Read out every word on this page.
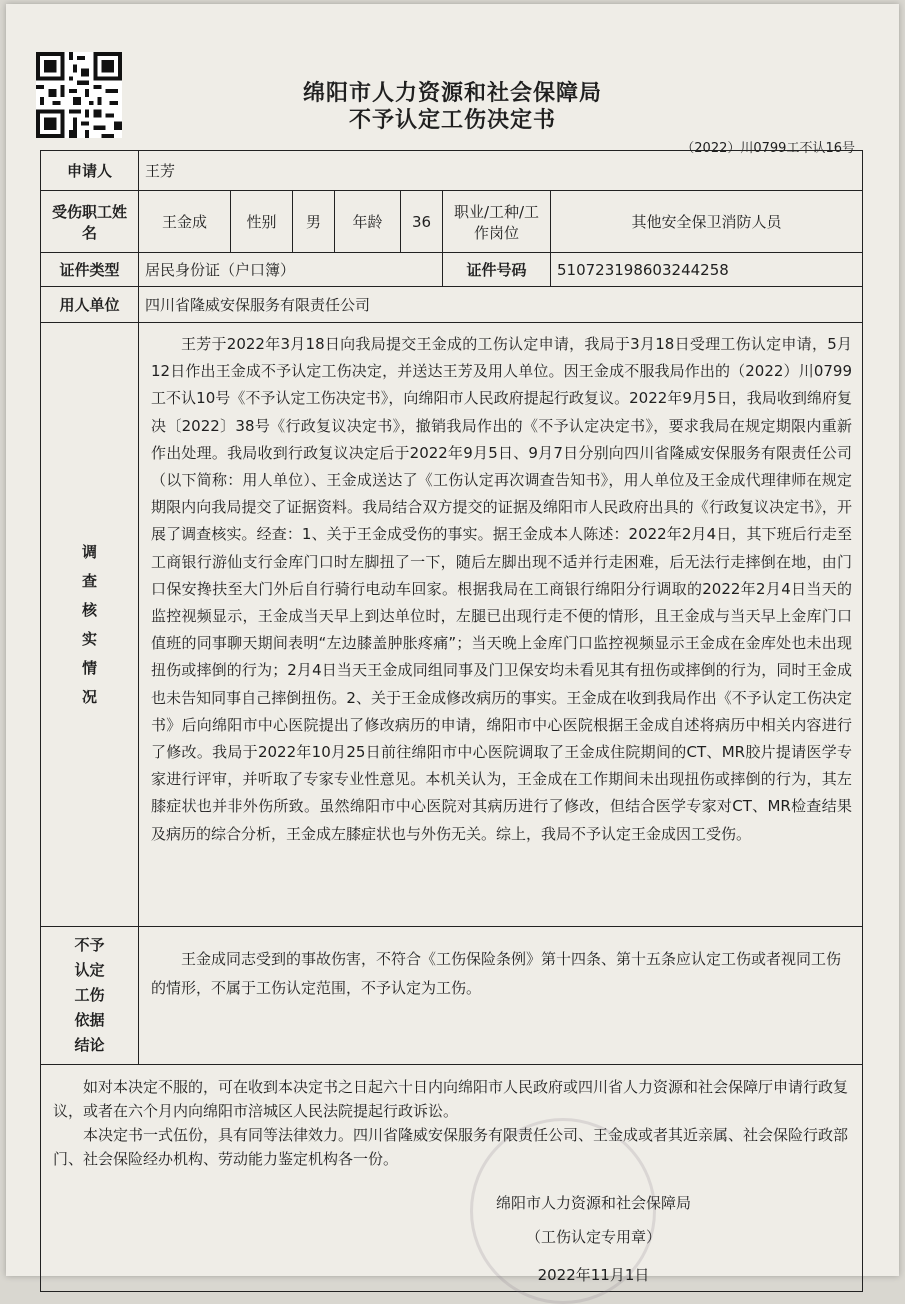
绵阳市人力资源和社会保障局
不予认定工伤决定书
（2022）川0799工不认16号
申请人	王芳						
受伤职工姓名	王金成	性别	男	年龄	36	职业/工种/工作岗位	其他安全保卫消防人员
证件类型	居民身份证（户口簿）					证件号码	510723198603244258
用人单位	四川省隆威安保服务有限责任公司						

调查核实情况	王芳于2022年3月18日向我局提交王金成的工伤认定申请，我局于3月18日受理工伤认定申请，5月12日作出王金成不予认定工伤决定，并送达王芳及用人单位。因王金成不服我局作出的（2022）川0799工不认10号《不予认定工伤决定书》，向绵阳市人民政府提起行政复议。2022年9月5日，我局收到绵府复决〔2022〕38号《行政复议决定书》，撤销我局作出的《不予认定决定书》，要求我局在规定期限内重新作出处理。我局收到行政复议决定后于2022年9月5日、9月7日分别向四川省隆威安保服务有限责任公司（以下简称：用人单位）、王金成送达了《工伤认定再次调查告知书》，用人单位及王金成代理律师在规定期限内向我局提交了证据资料。我局结合双方提交的证据及绵阳市人民政府出具的《行政复议决定书》，开展了调查核实。经查：1、关于王金成受伤的事实。据王金成本人陈述：2022年2月4日，其下班后行走至工商银行游仙支行金库门口时左脚扭了一下，随后左脚出现不适并行走困难，后无法行走摔倒在地，由门口保安搀扶至大门外后自行骑行电动车回家。根据我局在工商银行绵阳分行调取的2022年2月4日当天的监控视频显示，王金成当天早上到达单位时，左腿已出现行走不便的情形，且王金成与当天早上金库门口值班的同事聊天期间表明“左边膝盖肿胀疼痛”；当天晚上金库门口监控视频显示王金成在金库处也未出现扭伤或摔倒的行为；2月4日当天王金成同组同事及门卫保安均未看见其有扭伤或摔倒的行为，同时王金成也未告知同事自己摔倒扭伤。2、关于王金成修改病历的事实。王金成在收到我局作出《不予认定工伤决定书》后向绵阳市中心医院提出了修改病历的申请，绵阳市中心医院根据王金成自述将病历中相关内容进行了修改。我局于2022年10月25日前往绵阳市中心医院调取了王金成住院期间的CT、MR胶片提请医学专家进行评审，并听取了专家专业性意见。本机关认为，王金成在工作期间未出现扭伤或摔倒的行为，其左膝症状也并非外伤所致。虽然绵阳市中心医院对其病历进行了修改，但结合医学专家对CT、MR检查结果及病历的综合分析，王金成左膝症状也与外伤无关。综上，我局不予认定王金成因工受伤。						

不予认定工伤依据结论	王金成同志受到的事故伤害，不符合《工伤保险条例》第十四条、第十五条应认定工伤或者视同工伤的情形，不属于工伤认定范围，不予认定为工伤。						

如对本决定不服的，可在收到本决定书之日起六十日内向绵阳市人民政府或四川省人力资源和社会保障厅申请行政复议，或者在六个月内向绵阳市涪城区人民法院提起行政诉讼。

本决定书一式伍份，具有同等法律效力。四川省隆威安保服务有限责任公司、王金成或者其近亲属、社会保险行政部门、社会保险经办机构、劳动能力鉴定机构各一份。

绵阳市人力资源和社会保障局
（工伤认定专用章）
2022年11月1日							
